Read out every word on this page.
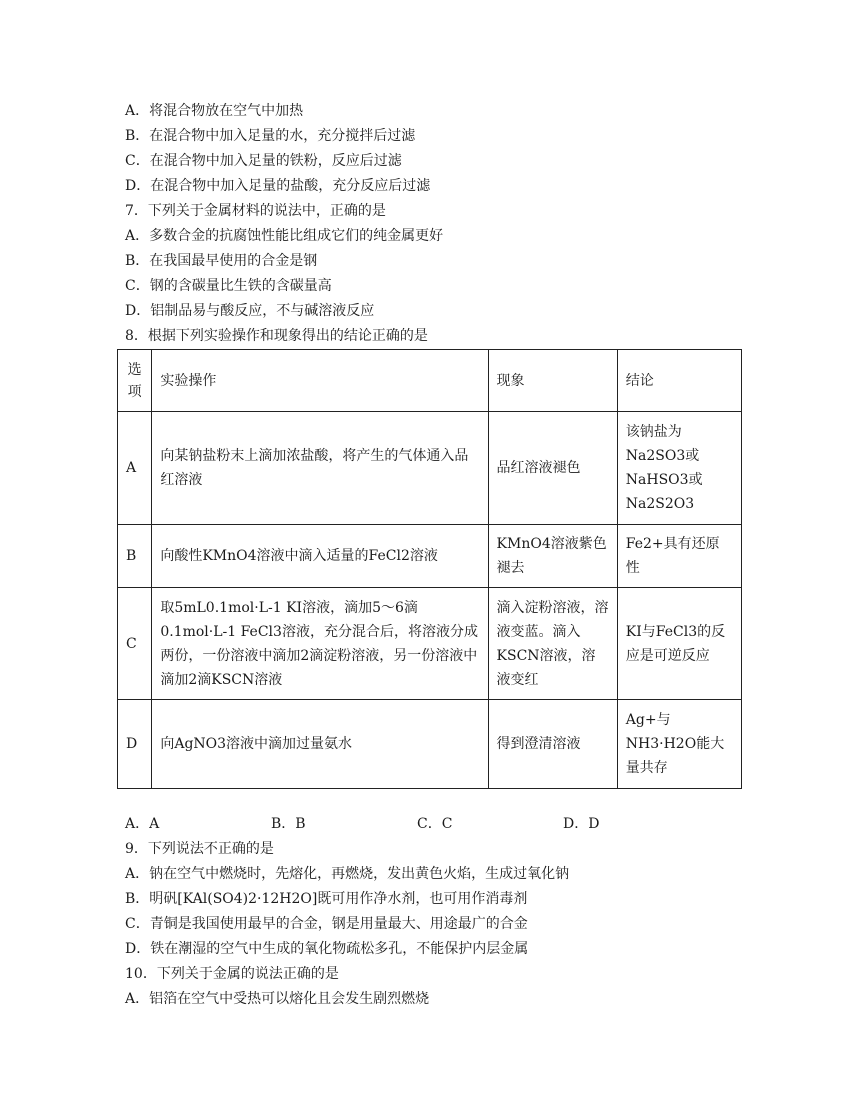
A．将混合物放在空气中加热
B．在混合物中加入足量的水，充分搅拌后过滤
C．在混合物中加入足量的铁粉，反应后过滤
D．在混合物中加入足量的盐酸，充分反应后过滤
7．下列关于金属材料的说法中，正确的是
A．多数合金的抗腐蚀性能比组成它们的纯金属更好
B．在我国最早使用的合金是钢
C．钢的含碳量比生铁的含碳量高
D．铝制品易与酸反应，不与碱溶液反应
8．根据下列实验操作和现象得出的结论正确的是
选项	实验操作	现象	结论
A	向某钠盐粉末上滴加浓盐酸，将产生的气体通入品红溶液	品红溶液褪色	该钠盐为Na2SO3或NaHSO3或Na2S2O3
B	向酸性KMnO4溶液中滴入适量的FeCl2溶液	KMnO4溶液紫色褪去	Fe2+具有还原性
C	取5mL0.1mol·L-1 KI溶液，滴加5～6滴0.1mol·L-1 FeCl3溶液，充分混合后，将溶液分成两份，一份溶液中滴加2滴淀粉溶液，另一份溶液中滴加2滴KSCN溶液	滴入淀粉溶液，溶液变蓝。滴入KSCN溶液，溶液变红	KI与FeCl3的反应是可逆反应
D	向AgNO3溶液中滴加过量氨水	得到澄清溶液	Ag+与NH3·H2O能大量共存
A．A	B．B	C．C	D．D
9．下列说法不正确的是
A．钠在空气中燃烧时，先熔化，再燃烧，发出黄色火焰，生成过氧化钠
B．明矾[KAl(SO4)2·12H2O]既可用作净水剂，也可用作消毒剂
C．青铜是我国使用最早的合金，钢是用量最大、用途最广的合金
D．铁在潮湿的空气中生成的氧化物疏松多孔，不能保护内层金属
10．下列关于金属的说法正确的是
A．铝箔在空气中受热可以熔化且会发生剧烈燃烧
